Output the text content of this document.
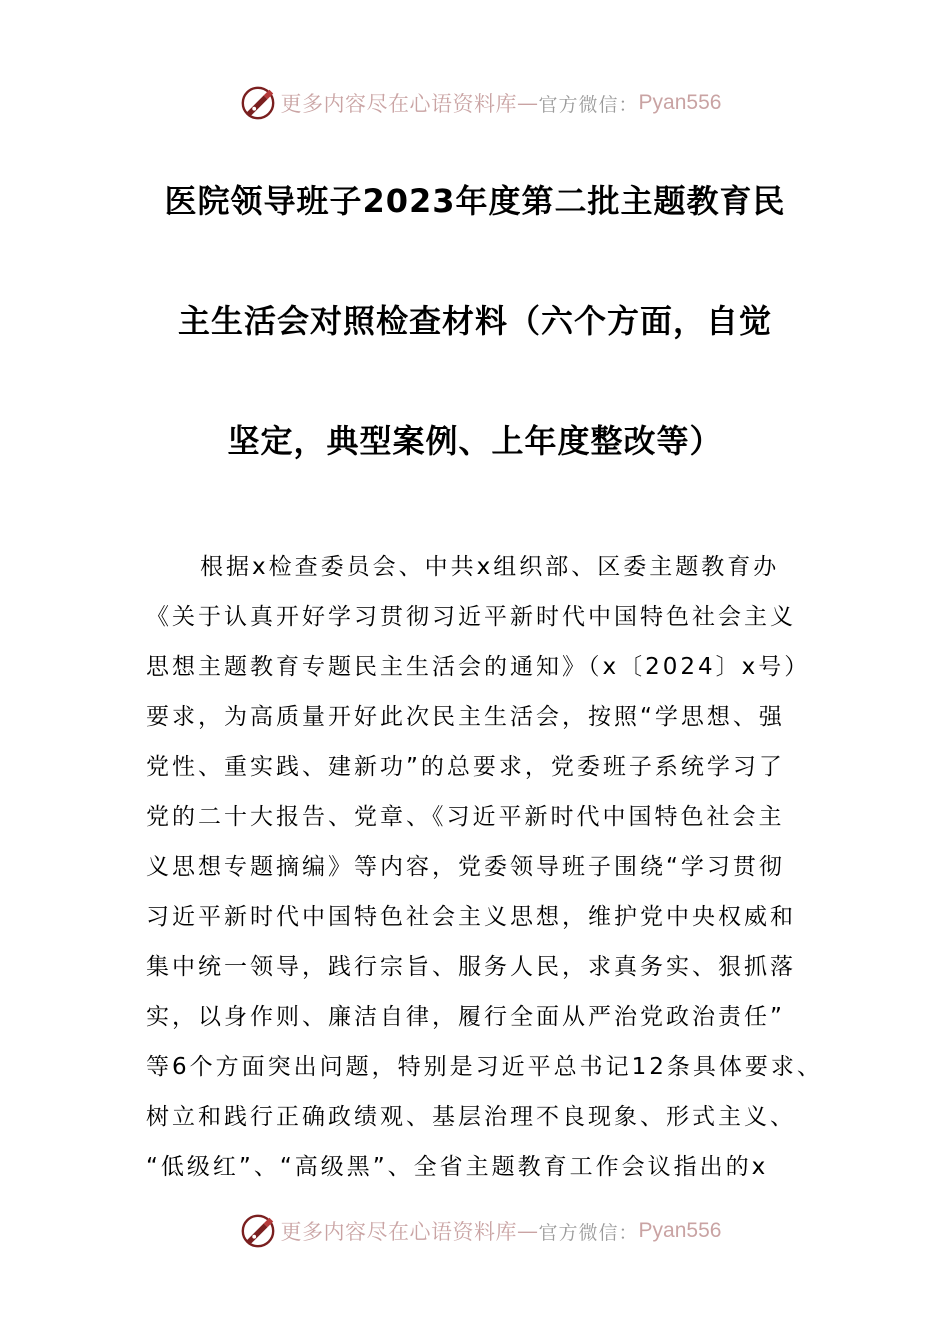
更多内容尽在心语资料库 — 官方微信： Pyan556
医院领导班子2023年度第二批主题教育民
主生活会对照检查材料（六个方面，自觉
坚定，典型案例、上年度整改等）
根据x检查委员会、中共x组织部、区委主题教育办
《关于认真开好学习贯彻习近平新时代中国特色社会主义
思想主题教育专题民主生活会的通知》（x〔2024〕x号）
要求，为高质量开好此次民主生活会，按照“学思想、强
党性、重实践、建新功”的总要求，党委班子系统学习了
党的二十大报告、党章、《习近平新时代中国特色社会主
义思想专题摘编》等内容，党委领导班子围绕“学习贯彻
习近平新时代中国特色社会主义思想，维护党中央权威和
集中统一领导，践行宗旨、服务人民，求真务实、狠抓落
实，以身作则、廉洁自律，履行全面从严治党政治责任”
等6个方面突出问题，特别是习近平总书记12条具体要求、
树立和践行正确政绩观、基层治理不良现象、形式主义、
“低级红”、“高级黑”、全省主题教育工作会议指出的x
更多内容尽在心语资料库 — 官方微信： Pyan556
